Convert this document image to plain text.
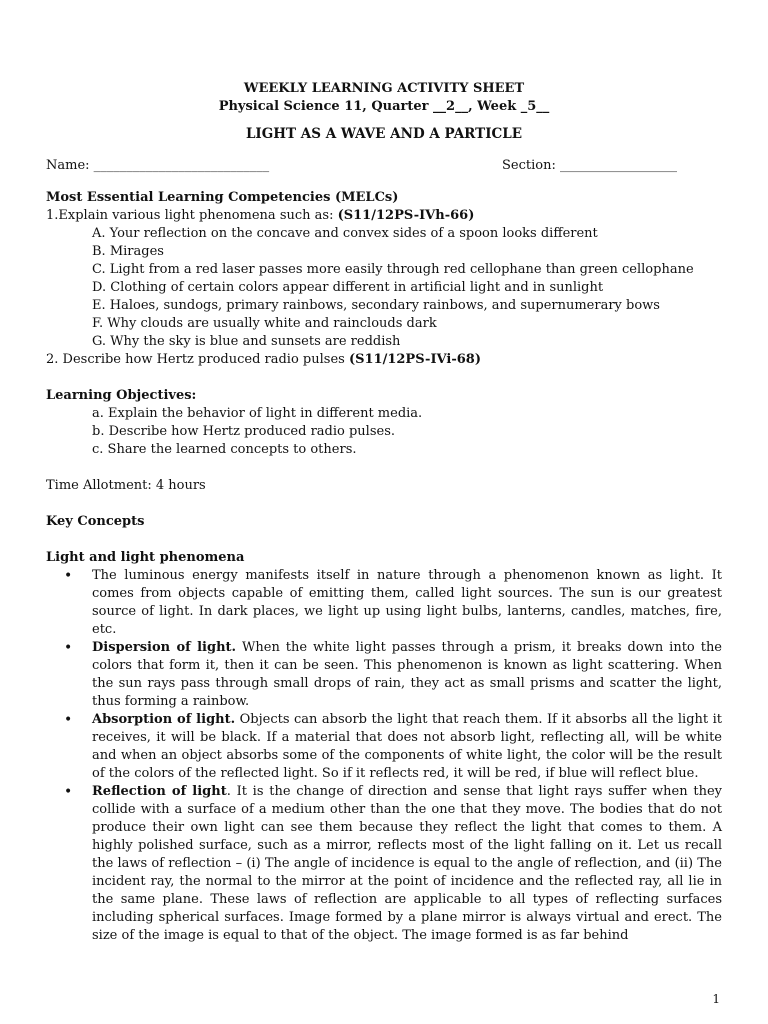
WEEKLY LEARNING ACTIVITY SHEET
Physical Science 11, Quarter __2__, Week _5__
LIGHT AS A WAVE AND A PARTICLE
Name: ___________________________	Section: __________________
Most Essential Learning Competencies (MELCs)
1.Explain various light phenomena such as: (S11/12PS-IVh-66)
A. Your reflection on the concave and convex sides of a spoon looks different
B. Mirages
C. Light from a red laser passes more easily through red cellophane than green cellophane
D. Clothing of certain colors appear different in artificial light and in sunlight
E. Haloes, sundogs, primary rainbows, secondary rainbows, and supernumerary bows
F. Why clouds are usually white and rainclouds dark
G. Why the sky is blue and sunsets are reddish
2. Describe how Hertz produced radio pulses (S11/12PS-IVi-68)
Learning Objectives:
a. Explain the behavior of light in different media.
b. Describe how Hertz produced radio pulses.
c. Share the learned concepts to others.
Time Allotment: 4 hours
Key Concepts
Light and light phenomena
• The luminous energy manifests itself in nature through a phenomenon known as light. It comes from objects capable of emitting them, called light sources. The sun is our greatest source of light. In dark places, we light up using light bulbs, lanterns, candles, matches, fire, etc.
• Dispersion of light. When the white light passes through a prism, it breaks down into the colors that form it, then it can be seen. This phenomenon is known as light scattering. When the sun rays pass through small drops of rain, they act as small prisms and scatter the light, thus forming a rainbow.
• Absorption of light. Objects can absorb the light that reach them. If it absorbs all the light it receives, it will be black. If a material that does not absorb light, reflecting all, will be white and when an object absorbs some of the components of white light, the color will be the result of the colors of the reflected light. So if it reflects red, it will be red, if blue will reflect blue.
• Reflection of light. It is the change of direction and sense that light rays suffer when they collide with a surface of a medium other than the one that they move. The bodies that do not produce their own light can see them because they reflect the light that comes to them. A highly polished surface, such as a mirror, reflects most of the light falling on it. Let us recall the laws of reflection – (i) The angle of incidence is equal to the angle of reflection, and (ii) The incident ray, the normal to the mirror at the point of incidence and the reflected ray, all lie in the same plane. These laws of reflection are applicable to all types of reflecting surfaces including spherical surfaces. Image formed by a plane mirror is always virtual and erect. The size of the image is equal to that of the object. The image formed is as far behind
1
